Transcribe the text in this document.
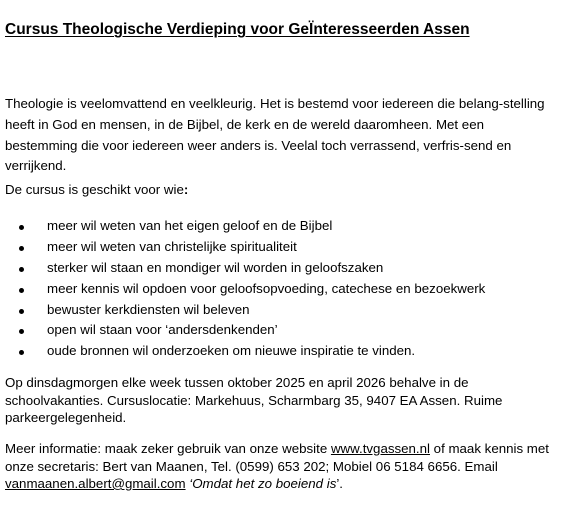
Cursus Theologische Verdieping voor GeÏnteresseerden Assen

Theologie is veelomvattend en veelkleurig. Het is bestemd voor iedereen die belang-stelling heeft in God en mensen, in de Bijbel, de kerk en de wereld daaromheen. Met een bestemming die voor iedereen weer anders is. Veelal toch verrassend, verfris-send en verrijkend.

De cursus is geschikt voor wie:

meer wil weten van het eigen geloof en de Bijbel
meer wil weten van christelijke spiritualiteit
sterker wil staan en mondiger wil worden in geloofszaken
meer kennis wil opdoen voor geloofsopvoeding, catechese en bezoekwerk
bewuster kerkdiensten wil beleven
open wil staan voor ‘andersdenkenden’
oude bronnen wil onderzoeken om nieuwe inspiratie te vinden.

Op dinsdagmorgen elke week tussen oktober 2025 en april 2026 behalve in de schoolvakanties. Cursuslocatie: Markehuus, Scharmbarg 35, 9407 EA Assen. Ruime parkeergelegenheid.

Meer informatie: maak zeker gebruik van onze website www.tvgassen.nl of maak kennis met onze secretaris: Bert van Maanen, Tel. (0599) 653 202; Mobiel 06 5184 6656. Email vanmaanen.albert@gmail.com ‘Omdat het zo boeiend is’.
